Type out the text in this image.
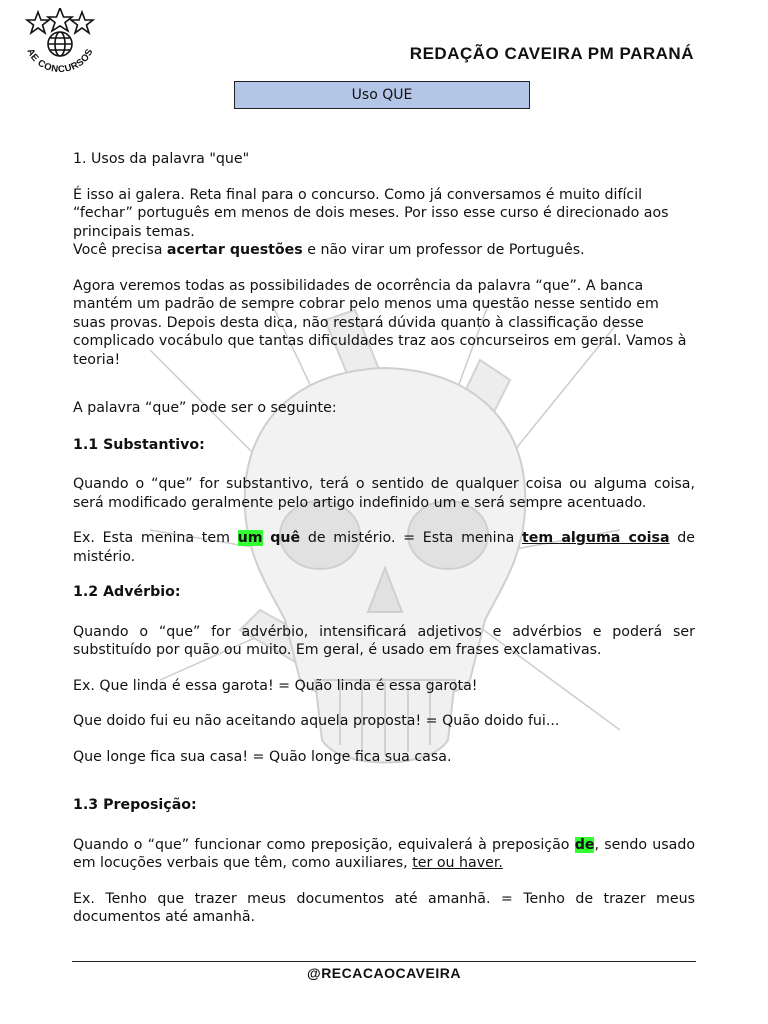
AE CONCURSOS	REDAÇÃO CAVEIRA PM PARANÁ
Uso QUE

1. Usos da palavra "que"

É isso ai galera. Reta final para o concurso. Como já conversamos é muito difícil “fechar” português em menos de dois meses. Por isso esse curso é direcionado aos principais temas.
Você precisa acertar questões e não virar um professor de Português.

Agora veremos todas as possibilidades de ocorrência da palavra “que”. A banca mantém um padrão de sempre cobrar pelo menos uma questão nesse sentido em suas provas. Depois desta dica, não restará dúvida quanto à classificação desse complicado vocábulo que tantas dificuldades traz aos concurseiros em geral. Vamos à teoria!

A palavra “que” pode ser o seguinte:

1.1 Substantivo:

Quando o “que” for substantivo, terá o sentido de qualquer coisa ou alguma coisa, será modificado geralmente pelo artigo indefinido um e será sempre acentuado.

Ex. Esta menina tem um quê de mistério. = Esta menina tem alguma coisa de mistério.

1.2 Advérbio:

Quando o “que” for advérbio, intensificará adjetivos e advérbios e poderá ser substituído por quão ou muito. Em geral, é usado em frases exclamativas.

Ex. Que linda é essa garota! = Quão linda é essa garota!

Que doido fui eu não aceitando aquela proposta! = Quão doido fui...

Que longe fica sua casa! = Quão longe fica sua casa.

1.3 Preposição:

Quando o “que” funcionar como preposição, equivalerá à preposição de, sendo usado em locuções verbais que têm, como auxiliares, ter ou haver.

Ex. Tenho que trazer meus documentos até amanhã. = Tenho de trazer meus documentos até amanhã.

@RECACAOCAVEIRA
